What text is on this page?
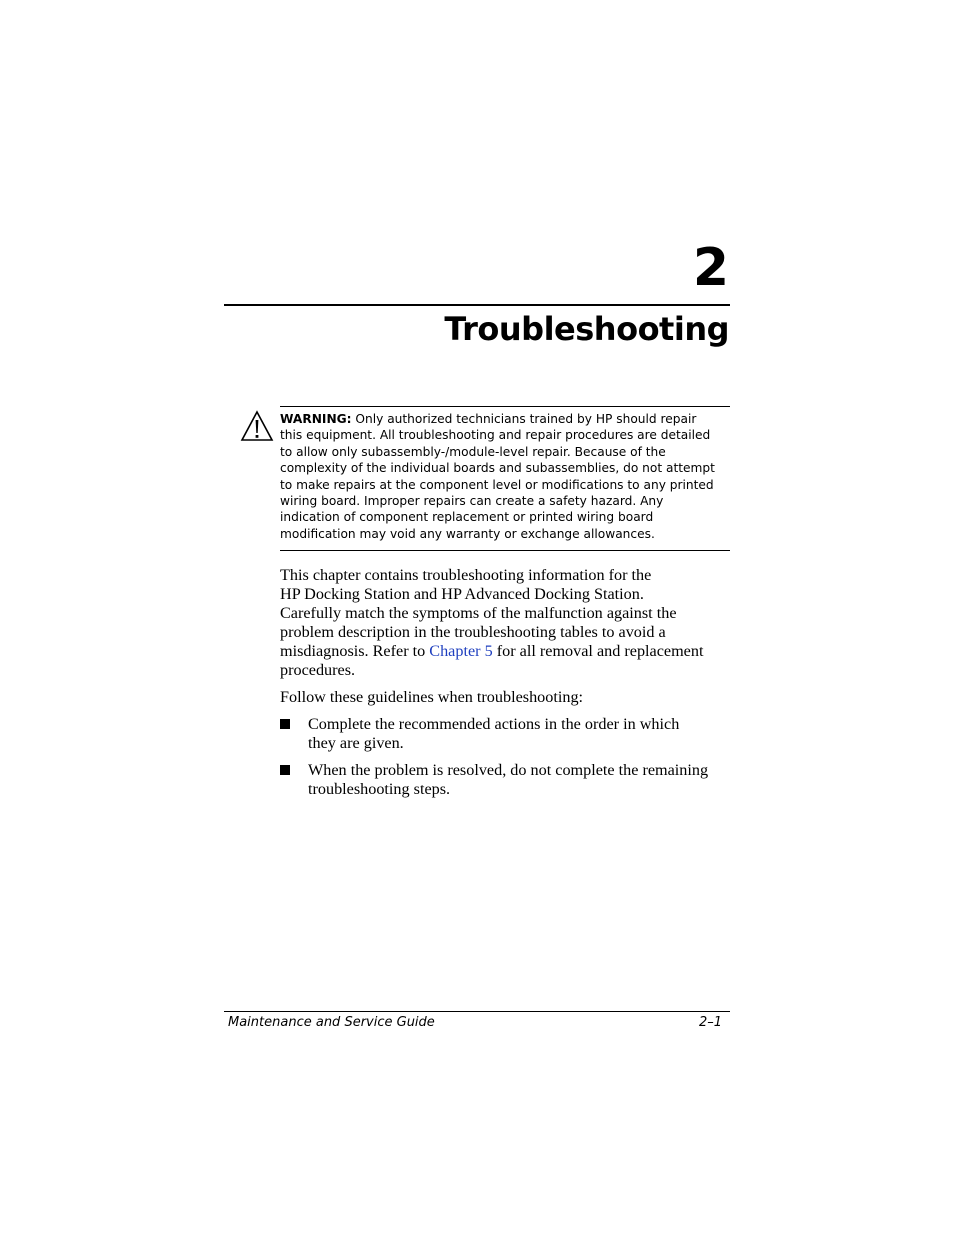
2
Troubleshooting
WARNING: Only authorized technicians trained by HP should repair
this equipment. All troubleshooting and repair procedures are detailed
to allow only subassembly-/module-level repair. Because of the
complexity of the individual boards and subassemblies, do not attempt
to make repairs at the component level or modifications to any printed
wiring board. Improper repairs can create a safety hazard. Any
indication of component replacement or printed wiring board
modification may void any warranty or exchange allowances.
This chapter contains troubleshooting information for the
HP Docking Station and HP Advanced Docking Station.
Carefully match the symptoms of the malfunction against the
problem description in the troubleshooting tables to avoid a
misdiagnosis. Refer to Chapter 5 for all removal and replacement
procedures.
Follow these guidelines when troubleshooting:
Complete the recommended actions in the order in which
they are given.
When the problem is resolved, do not complete the remaining
troubleshooting steps.
Maintenance and Service Guide	2–1
